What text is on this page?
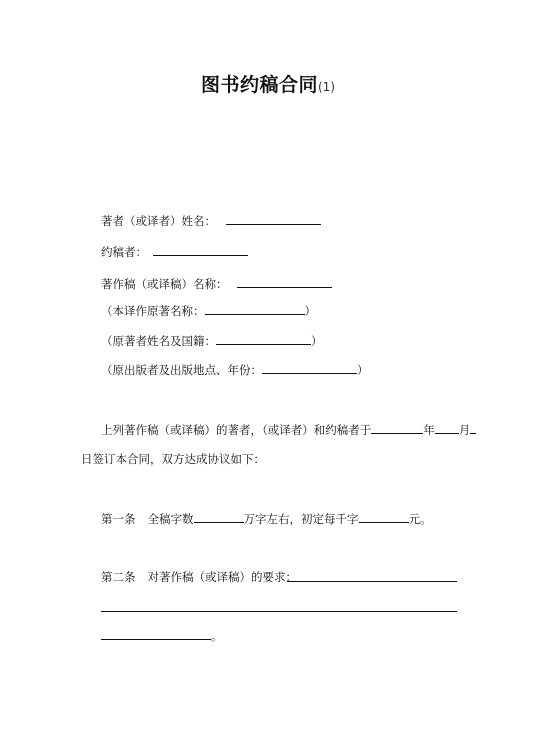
图书约稿合同(1)
著者（或译者）姓名：
约稿者：
著作稿（或译稿）名称：
（本译作原著名称：	）
（原著者姓名及国籍：	）
（原出版者及出版地点、年份：	）
上列著作稿（或译稿）的著者，（或译者）和约稿者于	年 月
日签订本合同，双方达成协议如下：
第一条 全稿字数	万字左右，初定每千字	元。
第二条 对著作稿（或译稿）的要求：
。
